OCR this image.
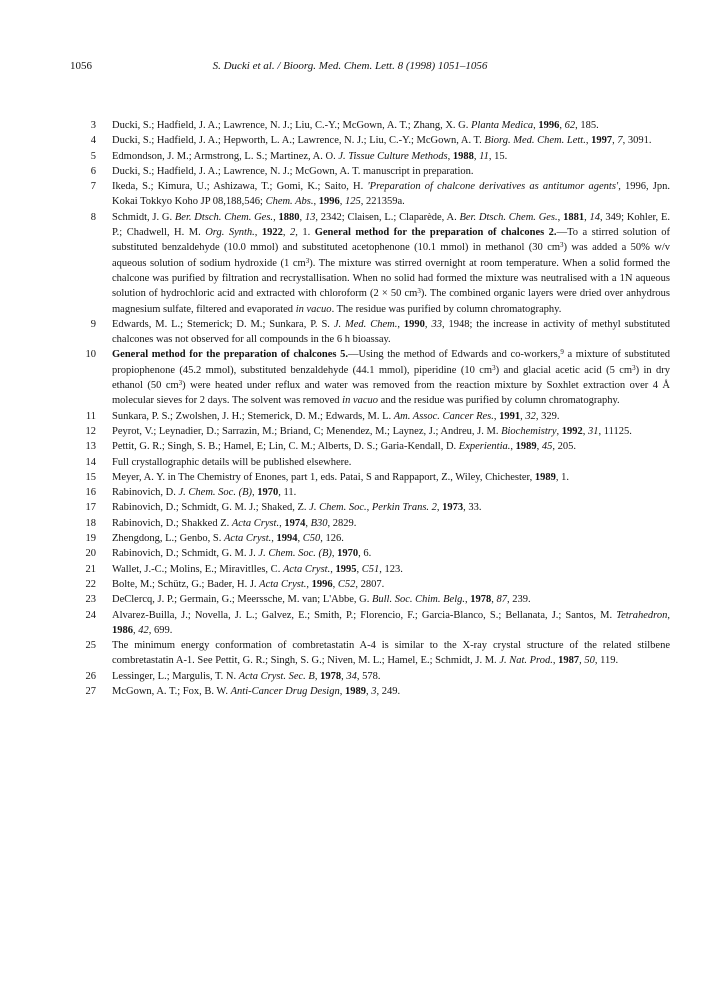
1056	S. Ducki et al. / Bioorg. Med. Chem. Lett. 8 (1998) 1051–1056
3 Ducki, S.; Hadfield, J. A.; Lawrence, N. J.; Liu, C.-Y.; McGown, A. T.; Zhang, X. G. Planta Medica, 1996, 62, 185.
4 Ducki, S.; Hadfield, J. A.; Hepworth, L. A.; Lawrence, N. J.; Liu, C.-Y.; McGown, A. T. Biorg. Med. Chem. Lett., 1997, 7, 3091.
5 Edmondson, J. M.; Armstrong, L. S.; Martinez, A. O. J. Tissue Culture Methods, 1988, 11, 15.
6 Ducki, S.; Hadfield, J. A.; Lawrence, N. J.; McGown, A. T. manuscript in preparation.
7 Ikeda, S.; Kimura, U.; Ashizawa, T.; Gomi, K.; Saito, H. 'Preparation of chalcone derivatives as antitumor agents', 1996, Jpn. Kokai Tokkyo Koho JP 08,188,546; Chem. Abs., 1996, 125, 221359a.
8 Schmidt, J. G. Ber. Dtsch. Chem. Ges., 1880, 13, 2342; Claisen, L.; Claparède, A. Ber. Dtsch. Chem. Ges., 1881, 14, 349; Kohler, E. P.; Chadwell, H. M. Org. Synth., 1922, 2, 1. General method for the preparation of chalcones 2.—To a stirred solution of substituted benzaldehyde (10.0 mmol) and substituted acetophenone (10.1 mmol) in methanol (30 $cm^3$) was added a 50% w/v aqueous solution of sodium hydroxide (1 $cm^3$). The mixture was stirred overnight at room temperature. When a solid formed the chalcone was purified by filtration and recrystallisation. When no solid had formed the mixture was neutralised with a 1N aqueous solution of hydrochloric acid and extracted with chloroform (2 × 50 $cm^3$). The combined organic layers were dried over anhydrous magnesium sulfate, filtered and evaporated in vacuo. The residue was purified by column chromatography.
9 Edwards, M. L.; Stemerick; D. M.; Sunkara, P. S. J. Med. Chem., 1990, 33, 1948; the increase in activity of methyl substituted chalcones was not observed for all compounds in the 6 h bioassay.
10 General method for the preparation of chalcones 5.—Using the method of Edwards and co-workers,$^9$ a mixture of substituted propiophenone (45.2 mmol), substituted benzaldehyde (44.1 mmol), piperidine (10 $cm^3$) and glacial acetic acid (5 $cm^3$) in dry ethanol (50 $cm^3$) were heated under reflux and water was removed from the reaction mixture by Soxhlet extraction over 4 Å molecular sieves for 2 days. The solvent was removed in vacuo and the residue was purified by column chromatography.
11 Sunkara, P. S.; Zwolshen, J. H.; Stemerick, D. M.; Edwards, M. L. Am. Assoc. Cancer Res., 1991, 32, 329.
12 Peyrot, V.; Leynadier, D.; Sarrazin, M.; Briand, C; Menendez, M.; Laynez, J.; Andreu, J. M. Biochemistry, 1992, 31, 11125.
13 Pettit, G. R.; Singh, S. B.; Hamel, E; Lin, C. M.; Alberts, D. S.; Garia-Kendall, D. Experientia., 1989, 45, 205.
14 Full crystallographic details will be published elsewhere.
15 Meyer, A. Y. in The Chemistry of Enones, part 1, eds. Patai, S and Rappaport, Z., Wiley, Chichester, 1989, 1.
16 Rabinovich, D. J. Chem. Soc. (B), 1970, 11.
17 Rabinovich, D.; Schmidt, G. M. J.; Shaked, Z. J. Chem. Soc., Perkin Trans. 2, 1973, 33.
18 Rabinovich, D.; Shakked Z. Acta Cryst., 1974, B30, 2829.
19 Zhengdong, L.; Genbo, S. Acta Cryst., 1994, C50, 126.
20 Rabinovich, D.; Schmidt, G. M. J. J. Chem. Soc. (B), 1970, 6.
21 Wallet, J.-C.; Molins, E.; Miravitlles, C. Acta Cryst., 1995, C51, 123.
22 Bolte, M.; Schütz, G.; Bader, H. J. Acta Cryst., 1996, C52, 2807.
23 DeClercq, J. P.; Germain, G.; Meerssche, M. van; L'Abbe, G. Bull. Soc. Chim. Belg., 1978, 87, 239.
24 Alvarez-Builla, J.; Novella, J. L.; Galvez, E.; Smith, P.; Florencio, F.; Garcia-Blanco, S.; Bellanata, J.; Santos, M. Tetrahedron, 1986, 42, 699.
25 The minimum energy conformation of combretastatin A-4 is similar to the X-ray crystal structure of the related stilbene combretastatin A-1. See Pettit, G. R.; Singh, S. G.; Niven, M. L.; Hamel, E.; Schmidt, J. M. J. Nat. Prod., 1987, 50, 119.
26 Lessinger, L.; Margulis, T. N. Acta Cryst. Sec. B, 1978, 34, 578.
27 McGown, A. T.; Fox, B. W. Anti-Cancer Drug Design, 1989, 3, 249.
